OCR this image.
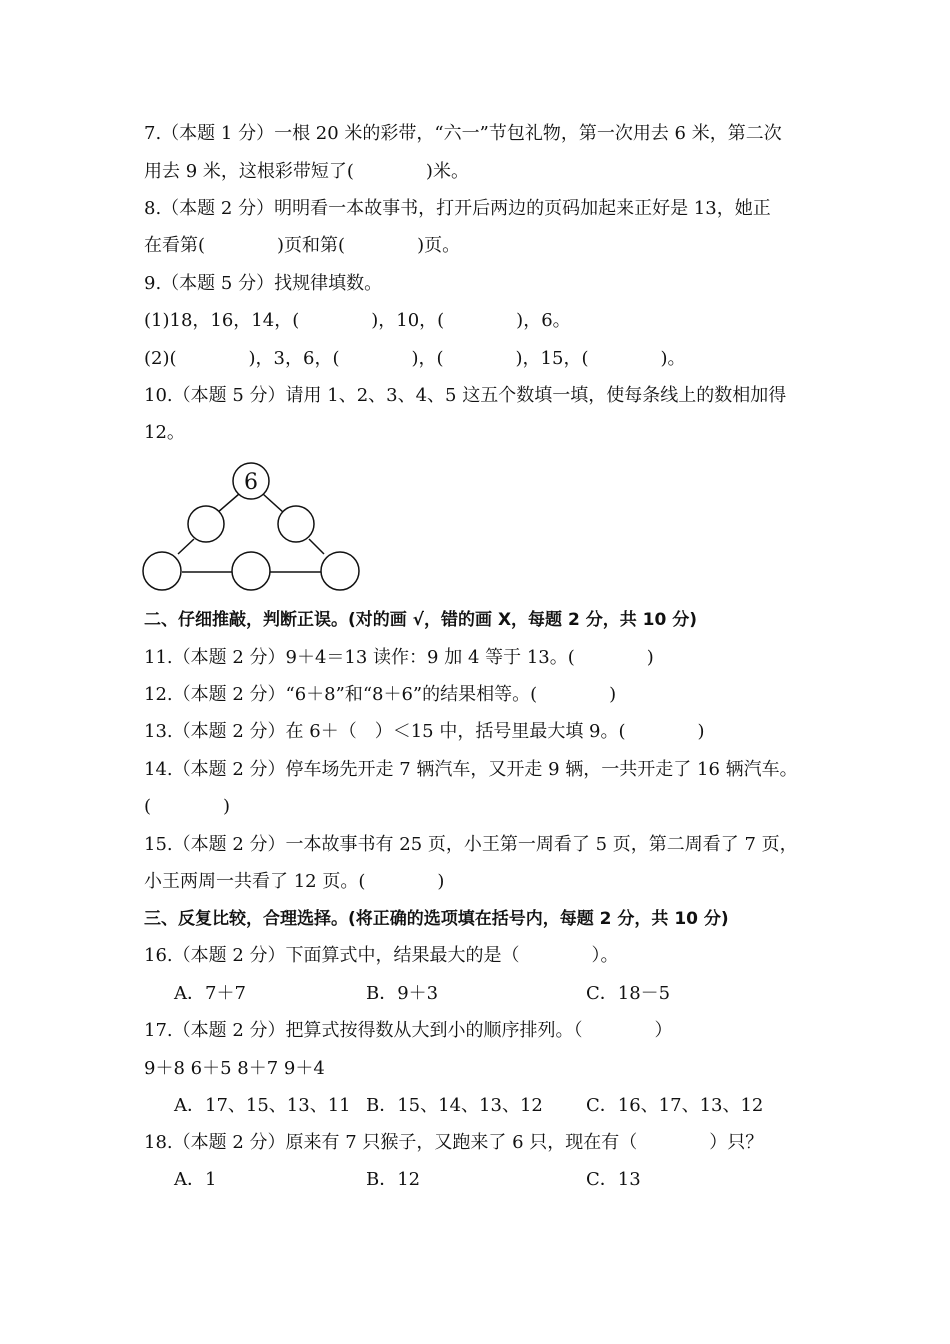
7.（本题 1 分）一根 20 米的彩带，“六一”节包礼物，第一次用去 6 米，第二次
用去 9 米，这根彩带短了(　　　　)米。
8.（本题 2 分）明明看一本故事书，打开后两边的页码加起来正好是 13，她正
在看第(　　　　)页和第(　　　　)页。
9.（本题 5 分）找规律填数。
(1)18，16，14，(　　　　)，10，(　　　　)，6。
(2)(　　　　)，3，6，(　　　　)，(　　　　)，15，(　　　　)。
10.（本题 5 分）请用 1、2、3、4、5 这五个数填一填，使每条线上的数相加得
12。
6
二、仔细推敲，判断正误。(对的画 √，错的画 X，每题 2 分，共 10 分)
11.（本题 2 分）9＋4＝13 读作：9 加 4 等于 13。(　　　　)
12.（本题 2 分）“6＋8”和“8＋6”的结果相等。(　　　　)
13.（本题 2 分）在 6＋（　）＜15 中，括号里最大填 9。(　　　　)
14.（本题 2 分）停车场先开走 7 辆汽车，又开走 9 辆，一共开走了 16 辆汽车。
(　　　　)
15.（本题 2 分）一本故事书有 25 页，小王第一周看了 5 页，第二周看了 7 页，
小王两周一共看了 12 页。(　　　　)
三、反复比较，合理选择。(将正确的选项填在括号内，每题 2 分，共 10 分)
16.（本题 2 分）下面算式中，结果最大的是（　　　　）。
A．7＋7	B．9＋3	C．18－5
17.（本题 2 分）把算式按得数从大到小的顺序排列。（　　　　）
9＋8 6＋5 8＋7 9＋4
A．17、15、13、11 B．15、14、13、12 C．16、17、13、12
18.（本题 2 分）原来有 7 只猴子，又跑来了 6 只，现在有（　　　　）只？
A．1	B．12	C．13
